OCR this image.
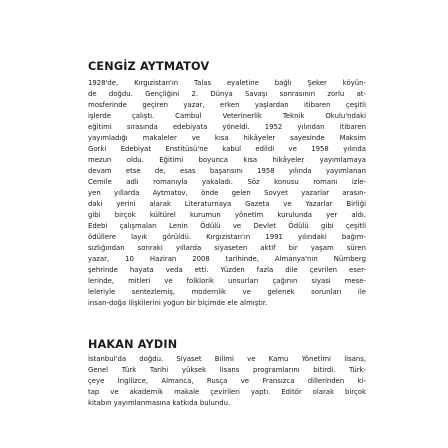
CENGİZ AYTMATOV
1928'de, Kırgızistan'ın Talas eyaletine bağlı Şeker köyün-
de doğdu. Gençliğini 2. Dünya Savaşı sonrasının zorlu at-
mosferinde geçiren yazar, erken yaşlardan itibaren çeşitli
işlerde çalıştı. Cambul Veterinerlik Teknik Okulu'ndaki
eğitimi sırasında edebiyata yöneldi. 1952 yılından itibaren
yayımladığı makaleler ve kısa hikâyeler sayesinde Maksim
Gorki Edebiyat Enstitüsü'ne kabul edildi ve 1958 yılında
mezun oldu. Eğitimi boyunca kısa hikâyeler yayımlamaya
devam etse de, esas başarısını 1958 yılında yayımlanan
Cemile adlı romanıyla yakaladı. Söz konusu romanı izle-
yen yıllarda Aytmatov, önde gelen Sovyet yazarlar arasın-
daki yerini alarak Literaturnaya Gazeta ve Yazarlar Birliği
gibi birçok kültürel kurumun yönetim kurulunda yer aldı.
Edebi çalışmaları Lenin Ödülü ve Devlet Ödülü gibi çeşitli
ödüllere layık görüldü. Kırgızistan'ın 1991 yılındaki bağım-
sızlığından sonraki yıllarda siyaseten aktif bir yaşam süren
yazar, 10 Haziran 2008 tarihinde, Almanya'nın Nürnberg
şehrinde hayata veda etti. Yüzden fazla dile çevrilen eser-
lerinde, mitleri ve folklorik unsurları çağının siyasi mese-
leleriyle sentezlemiş, modernlik ve gelenek sorunları ile
insan-doğa ilişkilerini yoğun bir biçimde ele almıştır.
HAKAN AYDIN
İstanbul'da doğdu. Siyaset Bilimi ve Kamu Yönetimi lisans,
Genel Türk Tarihi yüksek lisans programlarını bitirdi. Türk-
çeye İngilizce, Almanca, Rusça ve Fransızca dillerinden ki-
tap ve akademik makale çevirileri yaptı. Editör olarak birçok
kitabın yayımlanmasına katkıda bulundu.
